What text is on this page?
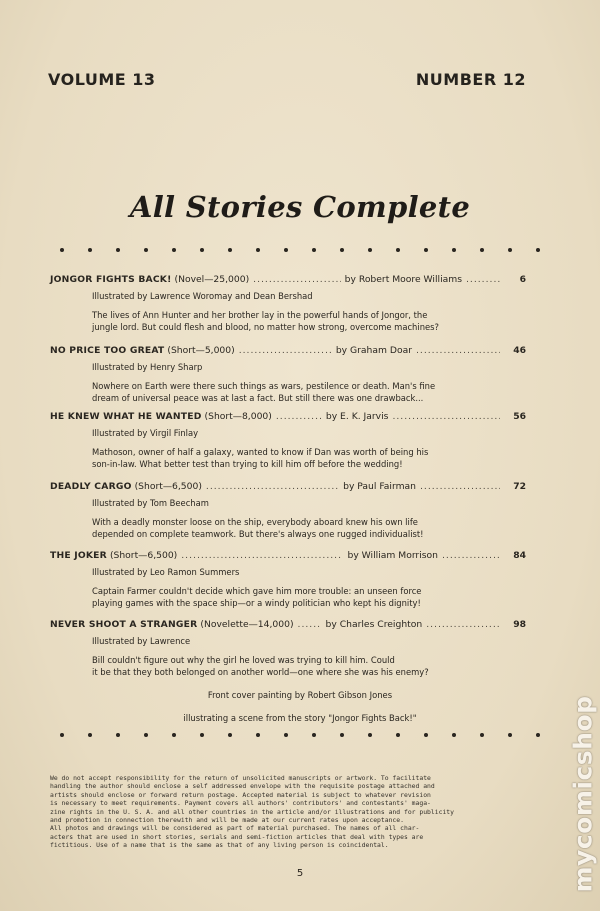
VOLUME 13	NUMBER 12
All Stories Complete
JONGOR FIGHTS BACK! (Novel—25,000) .....	by Robert Moore Williams .....	6
Illustrated by Lawrence Woromay and Dean Bershad
The lives of Ann Hunter and her brother lay in the powerful hands of Jongor, the
jungle lord. But could flesh and blood, no matter how strong, overcome machines?
NO PRICE TOO GREAT (Short—5,000) .....	by Graham Doar .....	46
Illustrated by Henry Sharp
Nowhere on Earth were there such things as wars, pestilence or death. Man's fine
dream of universal peace was at last a fact. But still there was one drawback...
HE KNEW WHAT HE WANTED (Short—8,000) .....	by E. K. Jarvis .....	56
Illustrated by Virgil Finlay
Mathoson, owner of half a galaxy, wanted to know if Dan was worth of being his
son-in-law. What better test than trying to kill him off before the wedding!
DEADLY CARGO (Short—6,500) .....	by Paul Fairman .....	72
Illustrated by Tom Beecham
With a deadly monster loose on the ship, everybody aboard knew his own life
depended on complete teamwork. But there's always one rugged individualist!
THE JOKER (Short—6,500) .....	by William Morrison .....	84
Illustrated by Leo Ramon Summers
Captain Farmer couldn't decide which gave him more trouble: an unseen force
playing games with the space ship—or a windy politician who kept his dignity!
NEVER SHOOT A STRANGER (Novelette—14,000) .....	by Charles Creighton .....	98
Illustrated by Lawrence
Bill couldn't figure out why the girl he loved was trying to kill him. Could
it be that they both belonged on another world—one where she was his enemy?
Front cover painting by Robert Gibson Jones
illustrating a scene from the story "Jongor Fights Back!"
We do not accept responsibility for the return of unsolicited manuscripts or artwork. To facilitate
handling the author should enclose a self addressed envelope with the requisite postage attached and
artists should enclose or forward return postage. Accepted material is subject to whatever revision
is necessary to meet requirements. Payment covers all authors' contributors' and contestants' maga-
zine rights in the U. S. A. and all other countries in the article and/or illustrations and for publicity
and promotion in connection therewith and will be made at our current rates upon acceptance.
All photos and drawings will be considered as part of material purchased. The names of all char-
acters that are used in short stories, serials and semi-fiction articles that deal with types are
fictitious. Use of a name that is the same as that of any living person is coincidental.
5	mycomicshop
